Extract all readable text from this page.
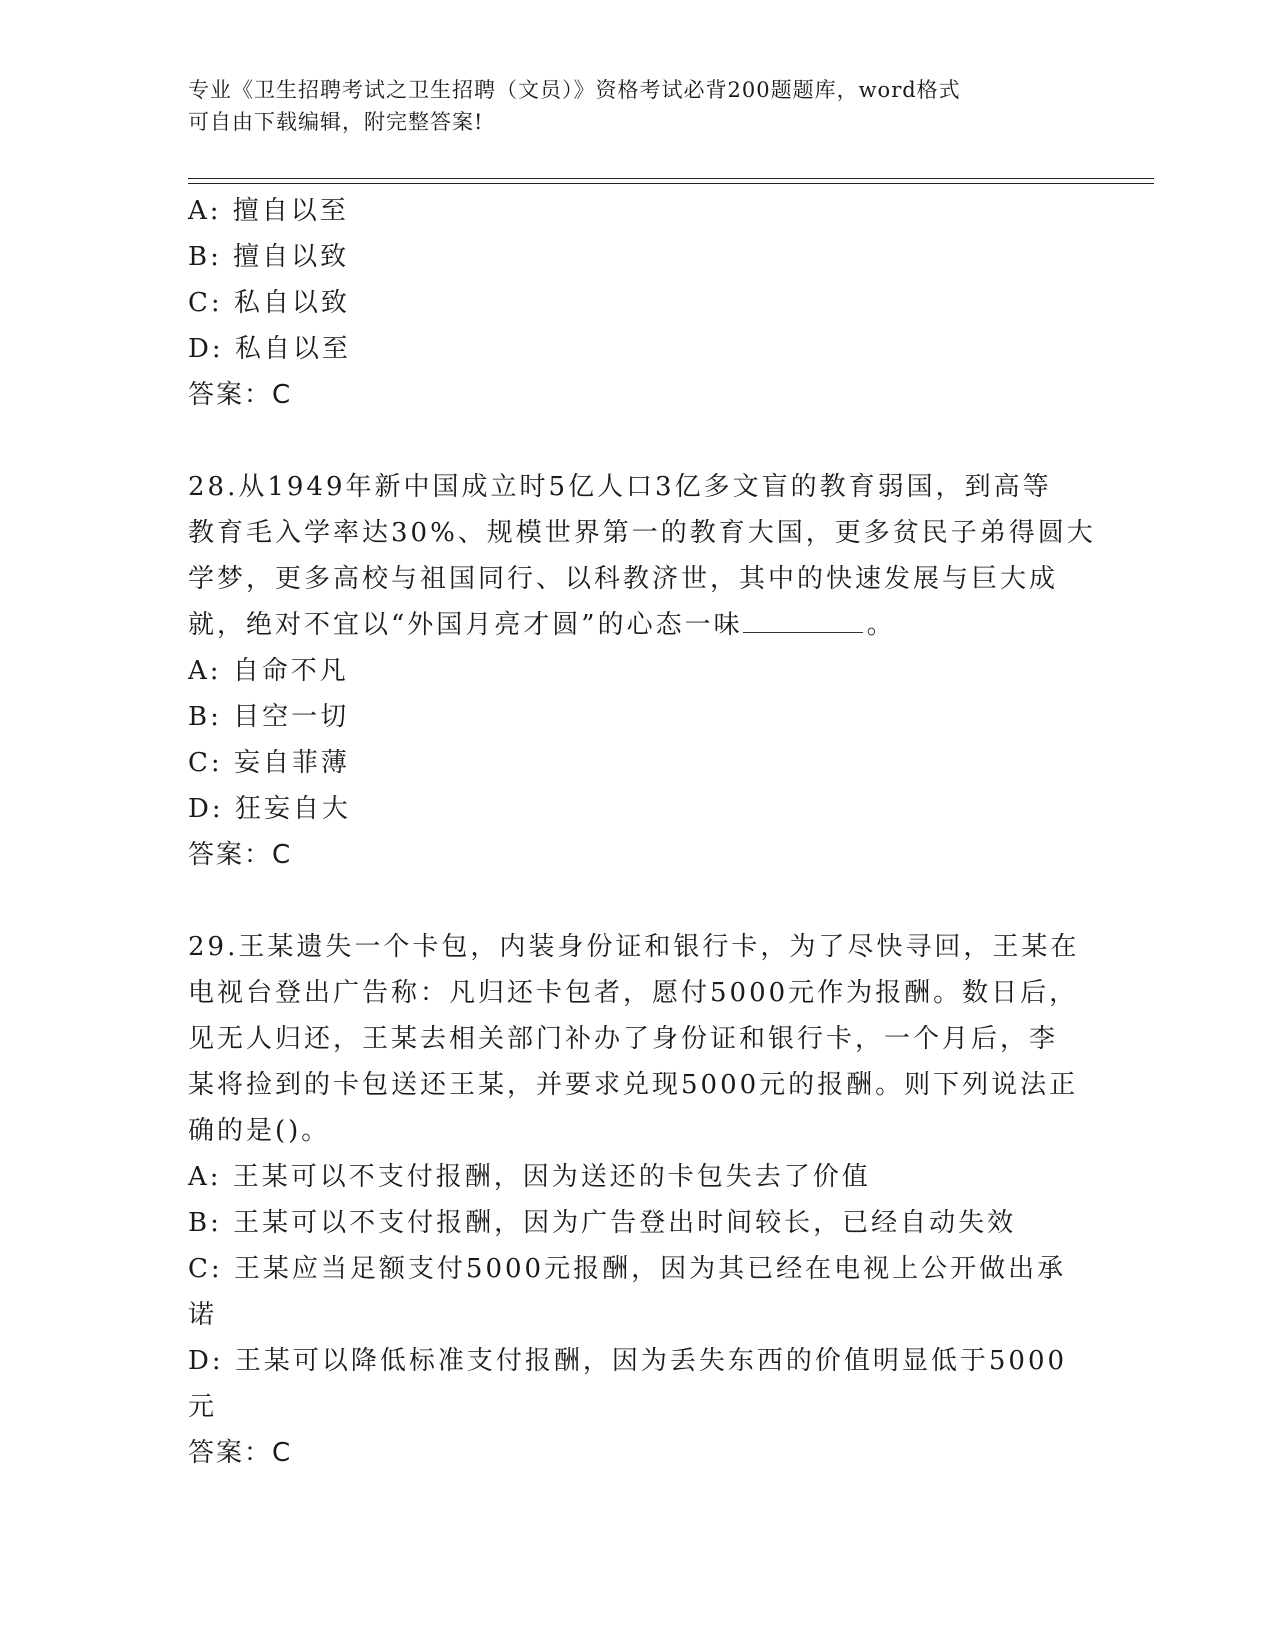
专业《卫生招聘考试之卫生招聘（文员）》资格考试必背200题题库，word格式
可自由下载编辑，附完整答案!
A: 擅自以至
B: 擅自以致
C: 私自以致
D: 私自以至
答案：C
28.从1949年新中国成立时5亿人口3亿多文盲的教育弱国，到高等
教育毛入学率达30%、规模世界第一的教育大国，更多贫民子弟得圆大
学梦，更多高校与祖国同行、以科教济世，其中的快速发展与巨大成
就，绝对不宜以“外国月亮才圆”的心态一味	。
A: 自命不凡
B: 目空一切
C: 妄自菲薄
D: 狂妄自大
答案：C
29.王某遗失一个卡包，内装身份证和银行卡，为了尽快寻回，王某在
电视台登出广告称：凡归还卡包者，愿付5000元作为报酬。数日后，
见无人归还，王某去相关部门补办了身份证和银行卡，一个月后，李
某将捡到的卡包送还王某，并要求兑现5000元的报酬。则下列说法正
确的是()。
A: 王某可以不支付报酬，因为送还的卡包失去了价值
B: 王某可以不支付报酬，因为广告登出时间较长，已经自动失效
C: 王某应当足额支付5000元报酬，因为其已经在电视上公开做出承
诺
D: 王某可以降低标准支付报酬，因为丢失东西的价值明显低于5000
元
答案：C
